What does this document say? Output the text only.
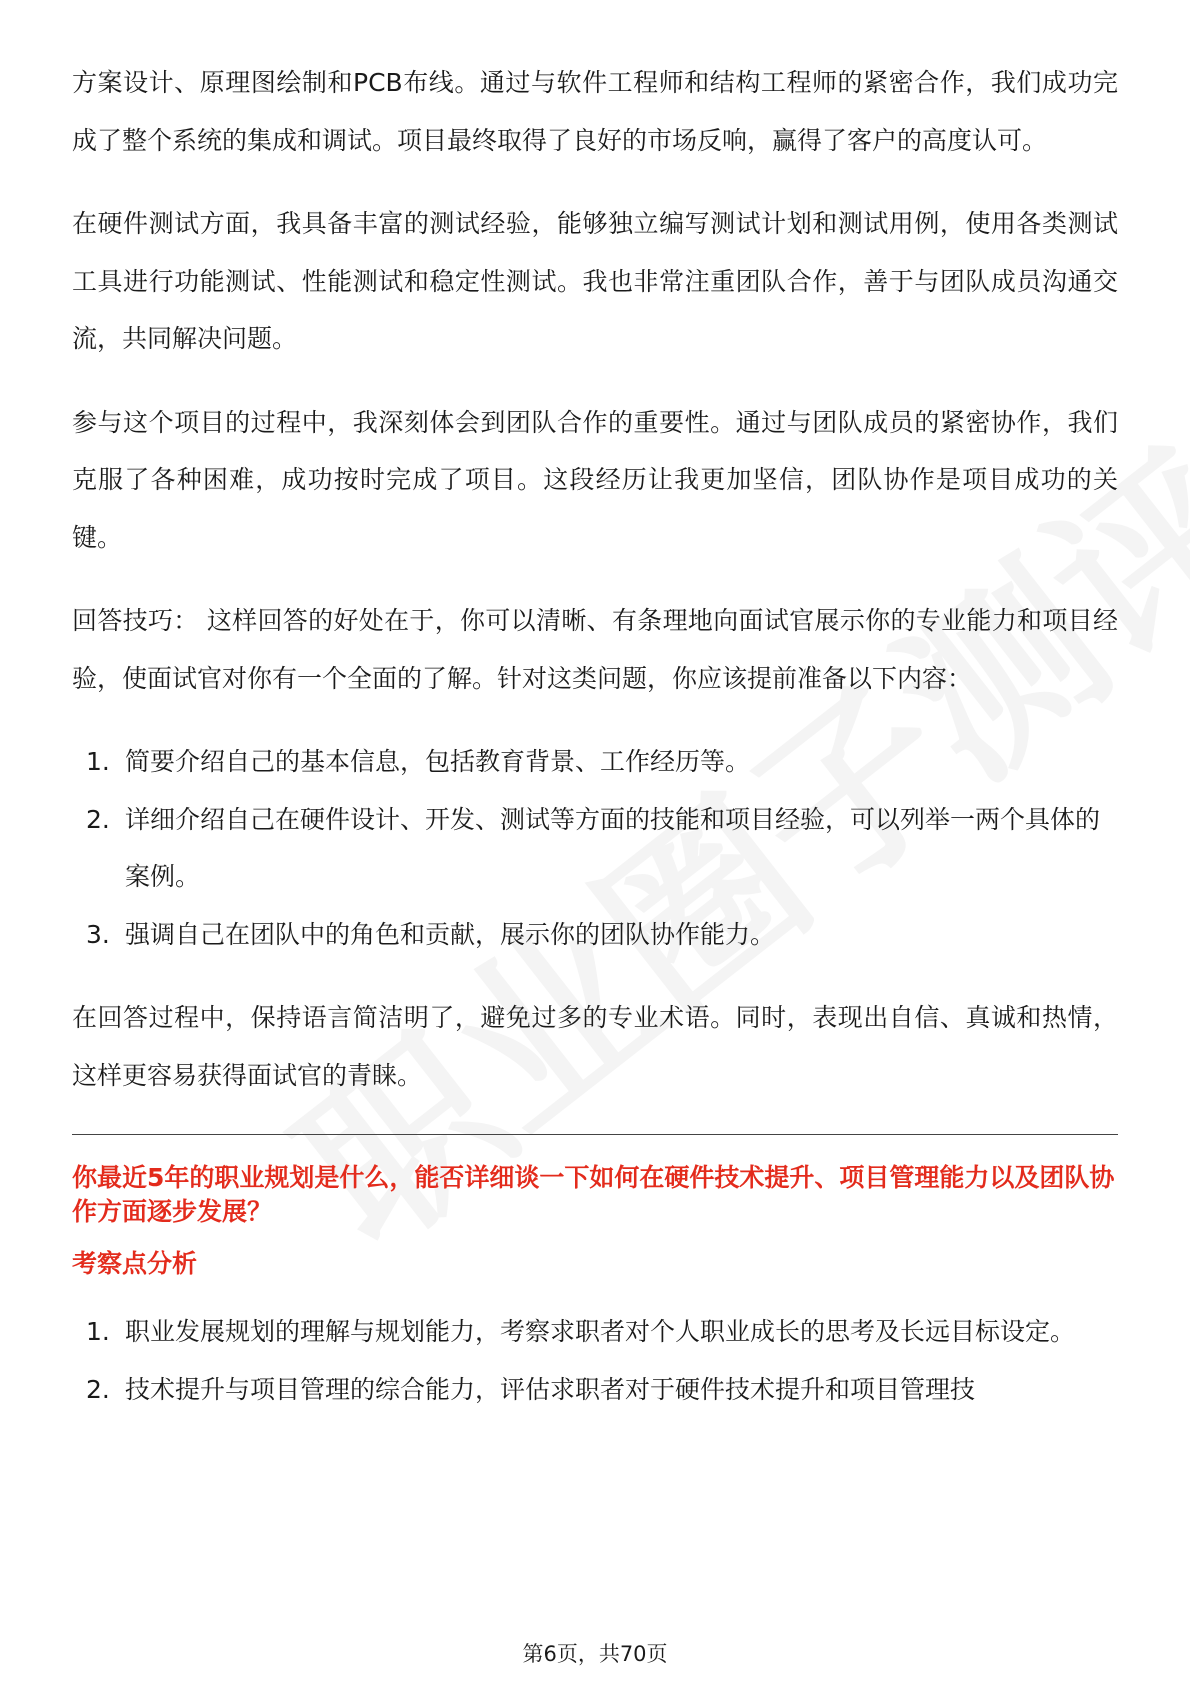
方案设计、原理图绘制和PCB布线。通过与软件工程师和结构工程师的紧密合作，我们成功完成了整个系统的集成和调试。项目最终取得了良好的市场反响，赢得了客户的高度认可。

在硬件测试方面，我具备丰富的测试经验，能够独立编写测试计划和测试用例，使用各类测试工具进行功能测试、性能测试和稳定性测试。我也非常注重团队合作，善于与团队成员沟通交流，共同解决问题。

参与这个项目的过程中，我深刻体会到团队合作的重要性。通过与团队成员的紧密协作，我们克服了各种困难，成功按时完成了项目。这段经历让我更加坚信，团队协作是项目成功的关键。

回答技巧： 这样回答的好处在于，你可以清晰、有条理地向面试官展示你的专业能力和项目经验，使面试官对你有一个全面的了解。针对这类问题，你应该提前准备以下内容：

1. 简要介绍自己的基本信息，包括教育背景、工作经历等。
2. 详细介绍自己在硬件设计、开发、测试等方面的技能和项目经验，可以列举一两个具体的案例。
3. 强调自己在团队中的角色和贡献，展示你的团队协作能力。

在回答过程中，保持语言简洁明了，避免过多的专业术语。同时，表现出自信、真诚和热情，这样更容易获得面试官的青睐。

你最近5年的职业规划是什么，能否详细谈一下如何在硬件技术提升、项目管理能力以及团队协作方面逐步发展？
考察点分析
1. 职业发展规划的理解与规划能力，考察求职者对个人职业成长的思考及长远目标设定。
2. 技术提升与项目管理的综合能力，评估求职者对于硬件技术提升和项目管理技
第6页，共70页
